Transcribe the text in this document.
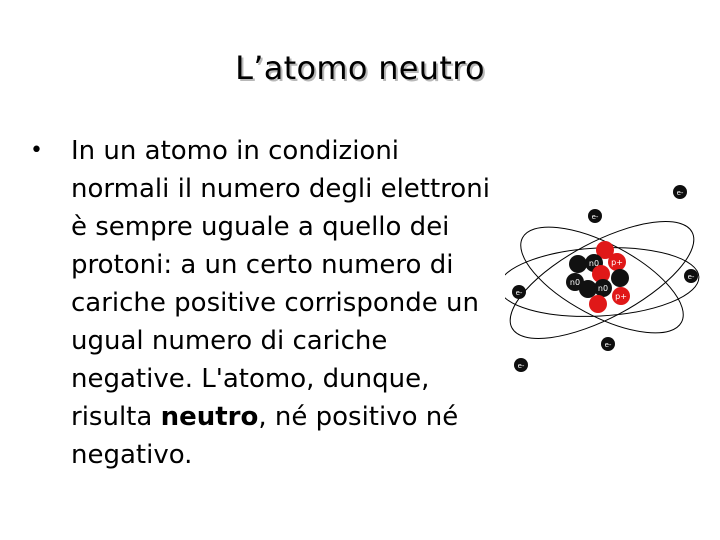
L’atomo neutro
• In un atomo in condizioni normali il numero degli elettroni è sempre uguale a quello dei protoni: a un certo numero di cariche positive corrisponde un ugual numero di cariche negative. L'atomo, dunque, risulta neutro, né positivo né negativo.
n0 p+
n0
n0
p+
e-
e-
e-
e-
e-
e-
